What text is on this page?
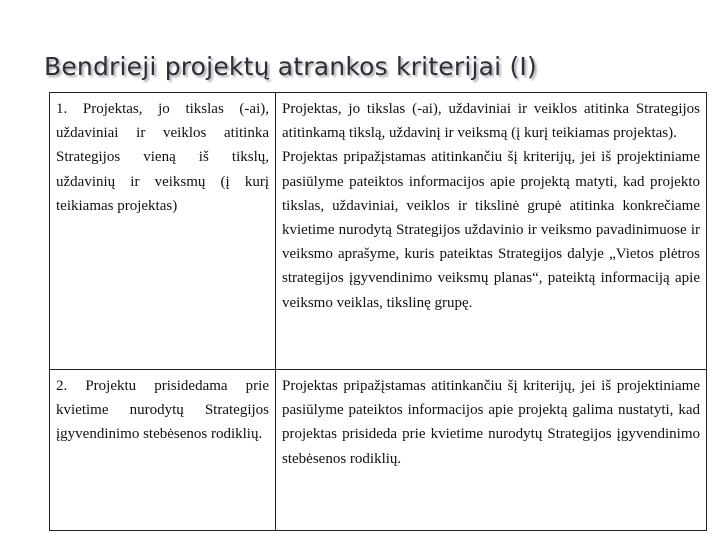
Bendrieji projektų atrankos kriterijai (I)

1. Projektas, jo tikslas (-ai), uždaviniai ir veiklos atitinka Strategijos vieną iš tikslų, uždavinių ir veiksmų (į kurį teikiamas projektas)	Projektas, jo tikslas (-ai), uždaviniai ir veiklos atitinka Strategijos atitinkamą tikslą, uždavinį ir veiksmą (į kurį teikiamas projektas).

Projektas pripažįstamas atitinkančiu šį kriterijų, jei iš projektiniame pasiūlyme pateiktos informacijos apie projektą matyti, kad projekto tikslas, uždaviniai, veiklos ir tikslinė grupė atitinka konkrečiame kvietime nurodytą Strategijos uždavinio ir veiksmo pavadinimuose ir veiksmo aprašyme, kuris pateiktas Strategijos dalyje „Vietos plėtros strategijos įgyvendinimo veiksmų planas“, pateiktą informaciją apie veiksmo veiklas, tikslinę grupę.

2. Projektu prisidedama prie kvietime nurodytų Strategijos įgyvendinimo stebėsenos rodiklių.	Projektas pripažįstamas atitinkančiu šį kriterijų, jei iš projektiniame pasiūlyme pateiktos informacijos apie projektą galima nustatyti, kad projektas prisideda prie kvietime nurodytų Strategijos įgyvendinimo stebėsenos rodiklių.
